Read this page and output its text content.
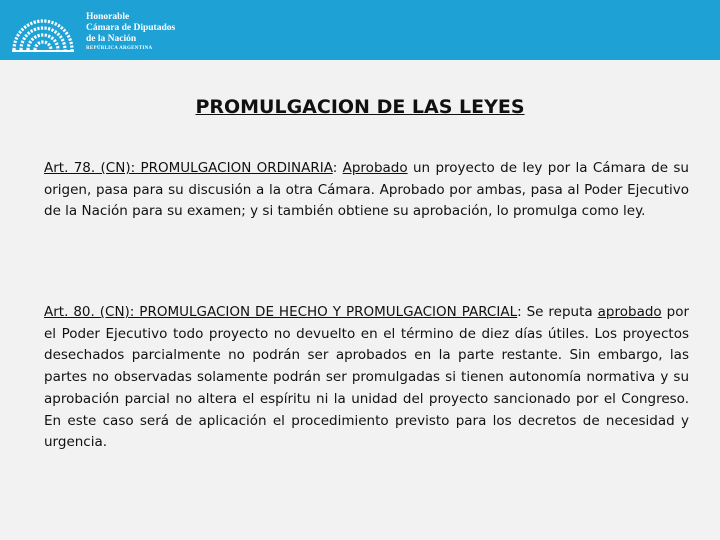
Honorable
Cámara de Diputados
de la Nación
REPÚBLICA ARGENTINA
PROMULGACION DE LAS LEYES
Art. 78. (CN): PROMULGACION ORDINARIA: Aprobado un proyecto de ley por la Cámara de su origen, pasa para su discusión a la otra Cámara. Aprobado por ambas, pasa al Poder Ejecutivo de la Nación para su examen; y si también obtiene su aprobación, lo promulga como ley.
Art. 80. (CN): PROMULGACION DE HECHO Y PROMULGACION PARCIAL: Se reputa aprobado por el Poder Ejecutivo todo proyecto no devuelto en el término de diez días útiles. Los proyectos desechados parcialmente no podrán ser aprobados en la parte restante. Sin embargo, las partes no observadas solamente podrán ser promulgadas si tienen autonomía normativa y su aprobación parcial no altera el espíritu ni la unidad del proyecto sancionado por el Congreso. En este caso será de aplicación el procedimiento previsto para los decretos de necesidad y urgencia.
